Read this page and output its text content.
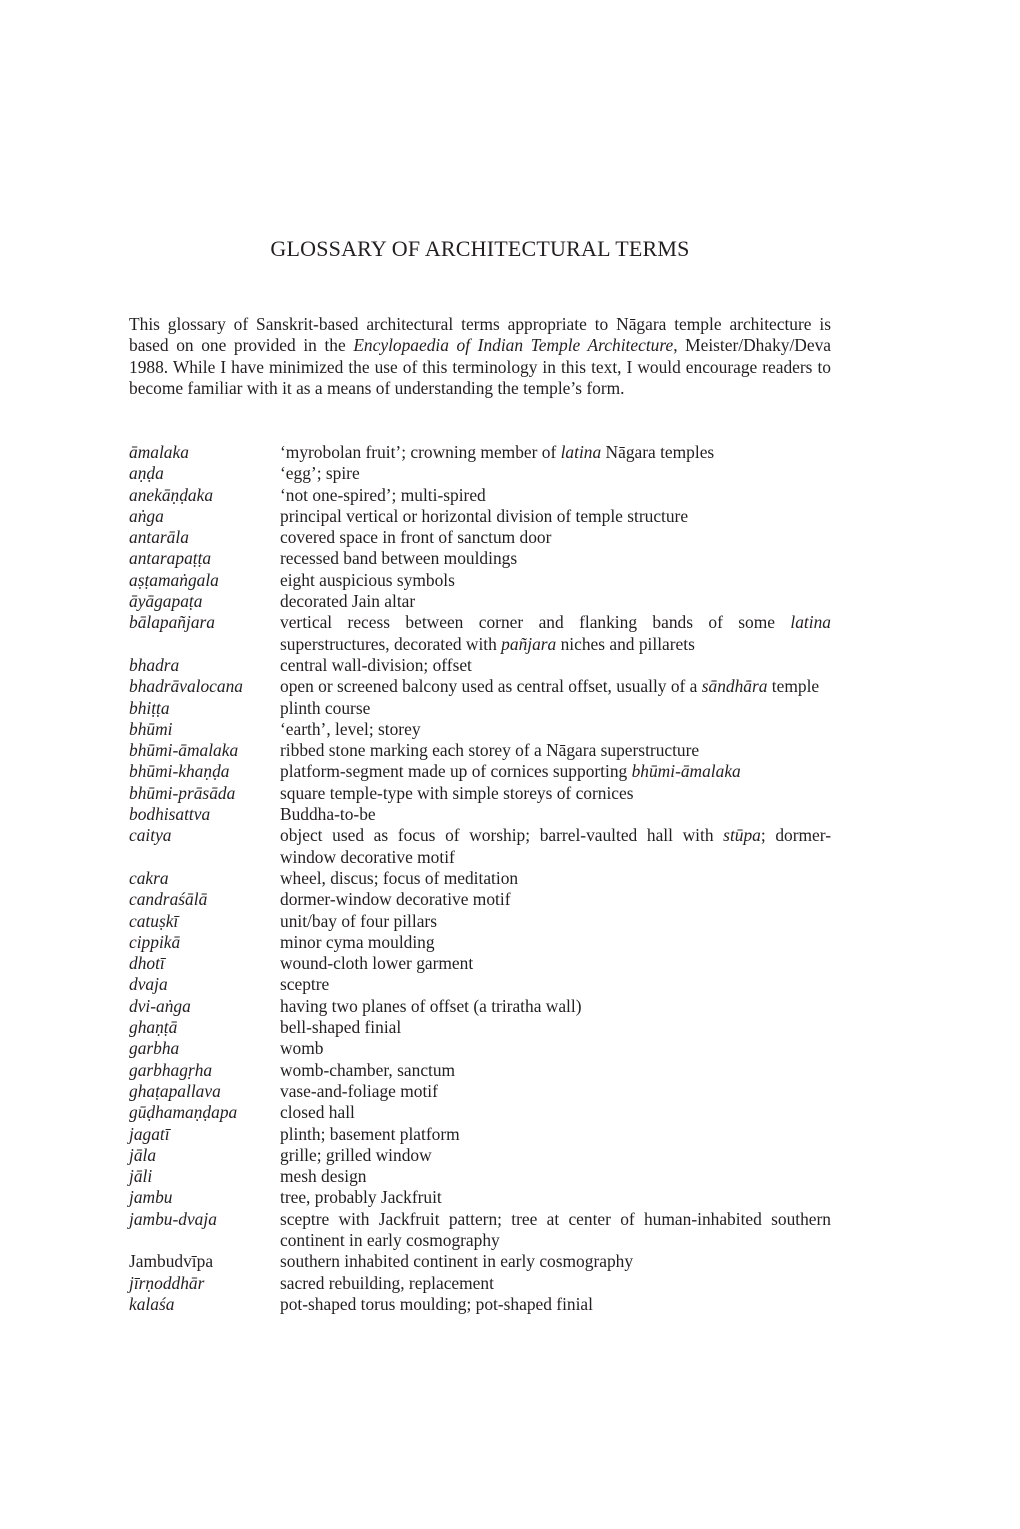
GLOSSARY OF ARCHITECTURAL TERMS

This glossary of Sanskrit-based architectural terms appropriate to Nāgara temple architecture is based on one provided in the Encylopaedia of Indian Temple Architecture, Meister/Dhaky/Deva 1988. While I have minimized the use of this terminology in this text, I would encourage readers to become familiar with it as a means of understanding the temple’s form.

āmalaka	‘myrobolan fruit’; crowning member of latina Nāgara temples
aṇḍa	‘egg’; spire
anekāṇḍaka	‘not one-spired’; multi-spired
aṅga	principal vertical or horizontal division of temple structure
antarāla	covered space in front of sanctum door
antarapaṭṭa	recessed band between mouldings
aṣṭamaṅgala	eight auspicious symbols
āyāgapaṭa	decorated Jain altar
bālapañjara	vertical recess between corner and flanking bands of some latina superstructures, decorated with pañjara niches and pillarets
bhadra	central wall-division; offset
bhadrāvalocana	open or screened balcony used as central offset, usually of a sāndhāra temple
bhiṭṭa	plinth course
bhūmi	‘earth’, level; storey
bhūmi-āmalaka	ribbed stone marking each storey of a Nāgara superstructure
bhūmi-khaṇḍa	platform-segment made up of cornices supporting bhūmi-āmalaka
bhūmi-prāsāda	square temple-type with simple storeys of cornices
bodhisattva	Buddha-to-be
caitya	object used as focus of worship; barrel-vaulted hall with stūpa; dormer-window decorative motif
cakra	wheel, discus; focus of meditation
candraśālā	dormer-window decorative motif
catuṣkī	unit/bay of four pillars
cippikā	minor cyma moulding
dhotī	wound-cloth lower garment
dvaja	sceptre
dvi-aṅga	having two planes of offset (a triratha wall)
ghaṇṭā	bell-shaped finial
garbha	womb
garbhagṛha	womb-chamber, sanctum
ghaṭapallava	vase-and-foliage motif
gūḍhamaṇḍapa	closed hall
jagatī	plinth; basement platform
jāla	grille; grilled window
jāli	mesh design
jambu	tree, probably Jackfruit
jambu-dvaja	sceptre with Jackfruit pattern; tree at center of human-inhabited southern continent in early cosmography
Jambudvīpa	southern inhabited continent in early cosmography
jīrṇoddhār	sacred rebuilding, replacement
kalaśa	pot-shaped torus moulding; pot-shaped finial
